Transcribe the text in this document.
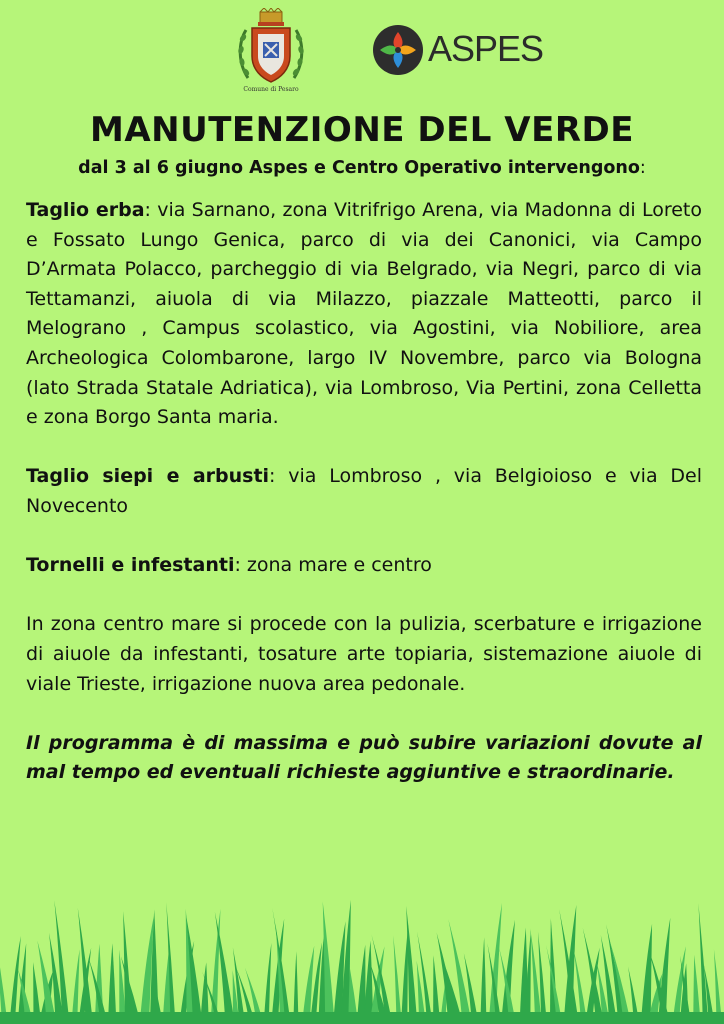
Comune di Pesaro
ASPES
MANUTENZIONE DEL VERDE
dal 3 al 6 giugno Aspes e Centro Operativo intervengono:

Taglio erba: via Sarnano, zona Vitrifrigo Arena, via Madonna di Loreto e Fossato Lungo Genica, parco di via dei Canonici, via Campo D’Armata Polacco, parcheggio di via Belgrado, via Negri, parco di via Tettamanzi, aiuola di via Milazzo, piazzale Matteotti, parco il Melograno , Campus scolastico, via Agostini, via Nobiliore, area Archeologica Colombarone, largo IV Novembre, parco via Bologna (lato Strada Statale Adriatica), via Lombroso, Via Pertini, zona Celletta e zona Borgo Santa maria.

Taglio siepi e arbusti: via Lombroso , via Belgioioso e via Del Novecento

Tornelli e infestanti: zona mare e centro

In zona centro mare si procede con la pulizia, scerbature e irrigazione di aiuole da infestanti, tosature arte topiaria, sistemazione aiuole di viale Trieste, irrigazione nuova area pedonale.

Il programma è di massima e può subire variazioni dovute al mal tempo ed eventuali richieste aggiuntive e straordinarie.
